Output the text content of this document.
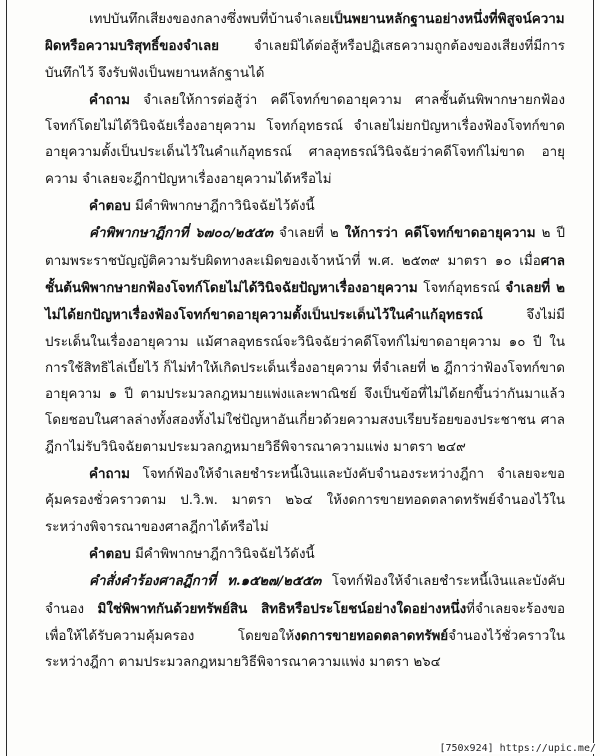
เทปบันทึกเสียงของกลางซึ่งพบที่บ้านจำเลยเป็นพยานหลักฐานอย่างหนึ่งที่พิสูจน์ความผิดหรือความบริสุทธิ์ของจำเลย จำเลยมิได้ต่อสู้หรือปฏิเสธความถูกต้องของเสียงที่มีการบันทึกไว้ จึงรับฟังเป็นพยานหลักฐานได้

คำถาม จำเลยให้การต่อสู้ว่า คดีโจทก์ขาดอายุความ ศาลชั้นต้นพิพากษายกฟ้องโจทก์โดยไม่ได้วินิจฉัยเรื่องอายุความ โจทก์อุทธรณ์ จำเลยไม่ยกปัญหาเรื่องฟ้องโจทก์ขาดอายุความตั้งเป็นประเด็นไว้ในคำแก้อุทธรณ์ ศาลอุทธรณ์วินิจฉัยว่าคดีโจทก์ไม่ขาด อายุความ จำเลยจะฎีกาปัญหาเรื่องอายุความได้หรือไม่

คำตอบ มีคำพิพากษาฎีกาวินิจฉัยไว้ดังนี้

คำพิพากษาฎีกาที่ ๖๗๐๐/๒๕๕๓ จำเลยที่ ๒ ให้การว่า คดีโจทก์ขาดอายุความ ๒ ปี ตามพระราชบัญญัติความรับผิดทางละเมิดของเจ้าหน้าที่ พ.ศ. ๒๕๓๙ มาตรา ๑๐ เมื่อศาลชั้นต้นพิพากษายกฟ้องโจทก์โดยไม่ได้วินิจฉัยปัญหาเรื่องอายุความ โจทก์อุทธรณ์ จำเลยที่ ๒ ไม่ได้ยกปัญหาเรื่องฟ้องโจทก์ขาดอายุความตั้งเป็นประเด็นไว้ในคำแก้อุทธรณ์ จึงไม่มีประเด็นในเรื่องอายุความ แม้ศาลอุทธรณ์จะวินิจฉัยว่าคดีโจทก์ไม่ขาดอายุความ ๑๐ ปี ในการใช้สิทธิไล่เบี้ยไว้ ก็ไม่ทำให้เกิดประเด็นเรื่องอายุความ ที่จำเลยที่ ๒ ฎีกาว่าฟ้องโจทก์ขาดอายุความ ๑ ปี ตามประมวลกฎหมายแพ่งและพาณิชย์ จึงเป็นข้อที่ไม่ได้ยกขึ้นว่ากันมาแล้วโดยชอบในศาลล่างทั้งสองทั้งไม่ใช่ปัญหาอันเกี่ยวด้วยความสงบเรียบร้อยของประชาชน ศาลฎีกาไม่รับวินิจฉัยตามประมวลกฎหมายวิธีพิจารณาความแพ่ง มาตรา ๒๔๙

คำถาม โจทก์ฟ้องให้จำเลยชำระหนี้เงินและบังคับจำนองระหว่างฎีกา จำเลยจะขอคุ้มครองชั่วคราวตาม ป.วิ.พ. มาตรา ๒๖๔ ให้งดการขายทอดตลาดทรัพย์จำนองไว้ในระหว่างพิจารณาของศาลฎีกาได้หรือไม่

คำตอบ มีคำพิพากษาฎีกาวินิจฉัยไว้ดังนี้

คำสั่งคำร้องศาลฎีกาที่ ท.๑๕๒๗/๒๕๕๓ โจทก์ฟ้องให้จำเลยชำระหนี้เงินและบังคับจำนอง มิใช่พิพาทกันด้วยทรัพย์สิน สิทธิหรือประโยชน์อย่างใดอย่างหนึ่งที่จำเลยจะร้องขอเพื่อให้ได้รับความคุ้มครอง โดยขอให้งดการขายทอดตลาดทรัพย์จำนองไว้ชั่วคราวในระหว่างฎีกา ตามประมวลกฎหมายวิธีพิจารณาความแพ่ง มาตรา ๒๖๔

[750x924] https://upic.me/
